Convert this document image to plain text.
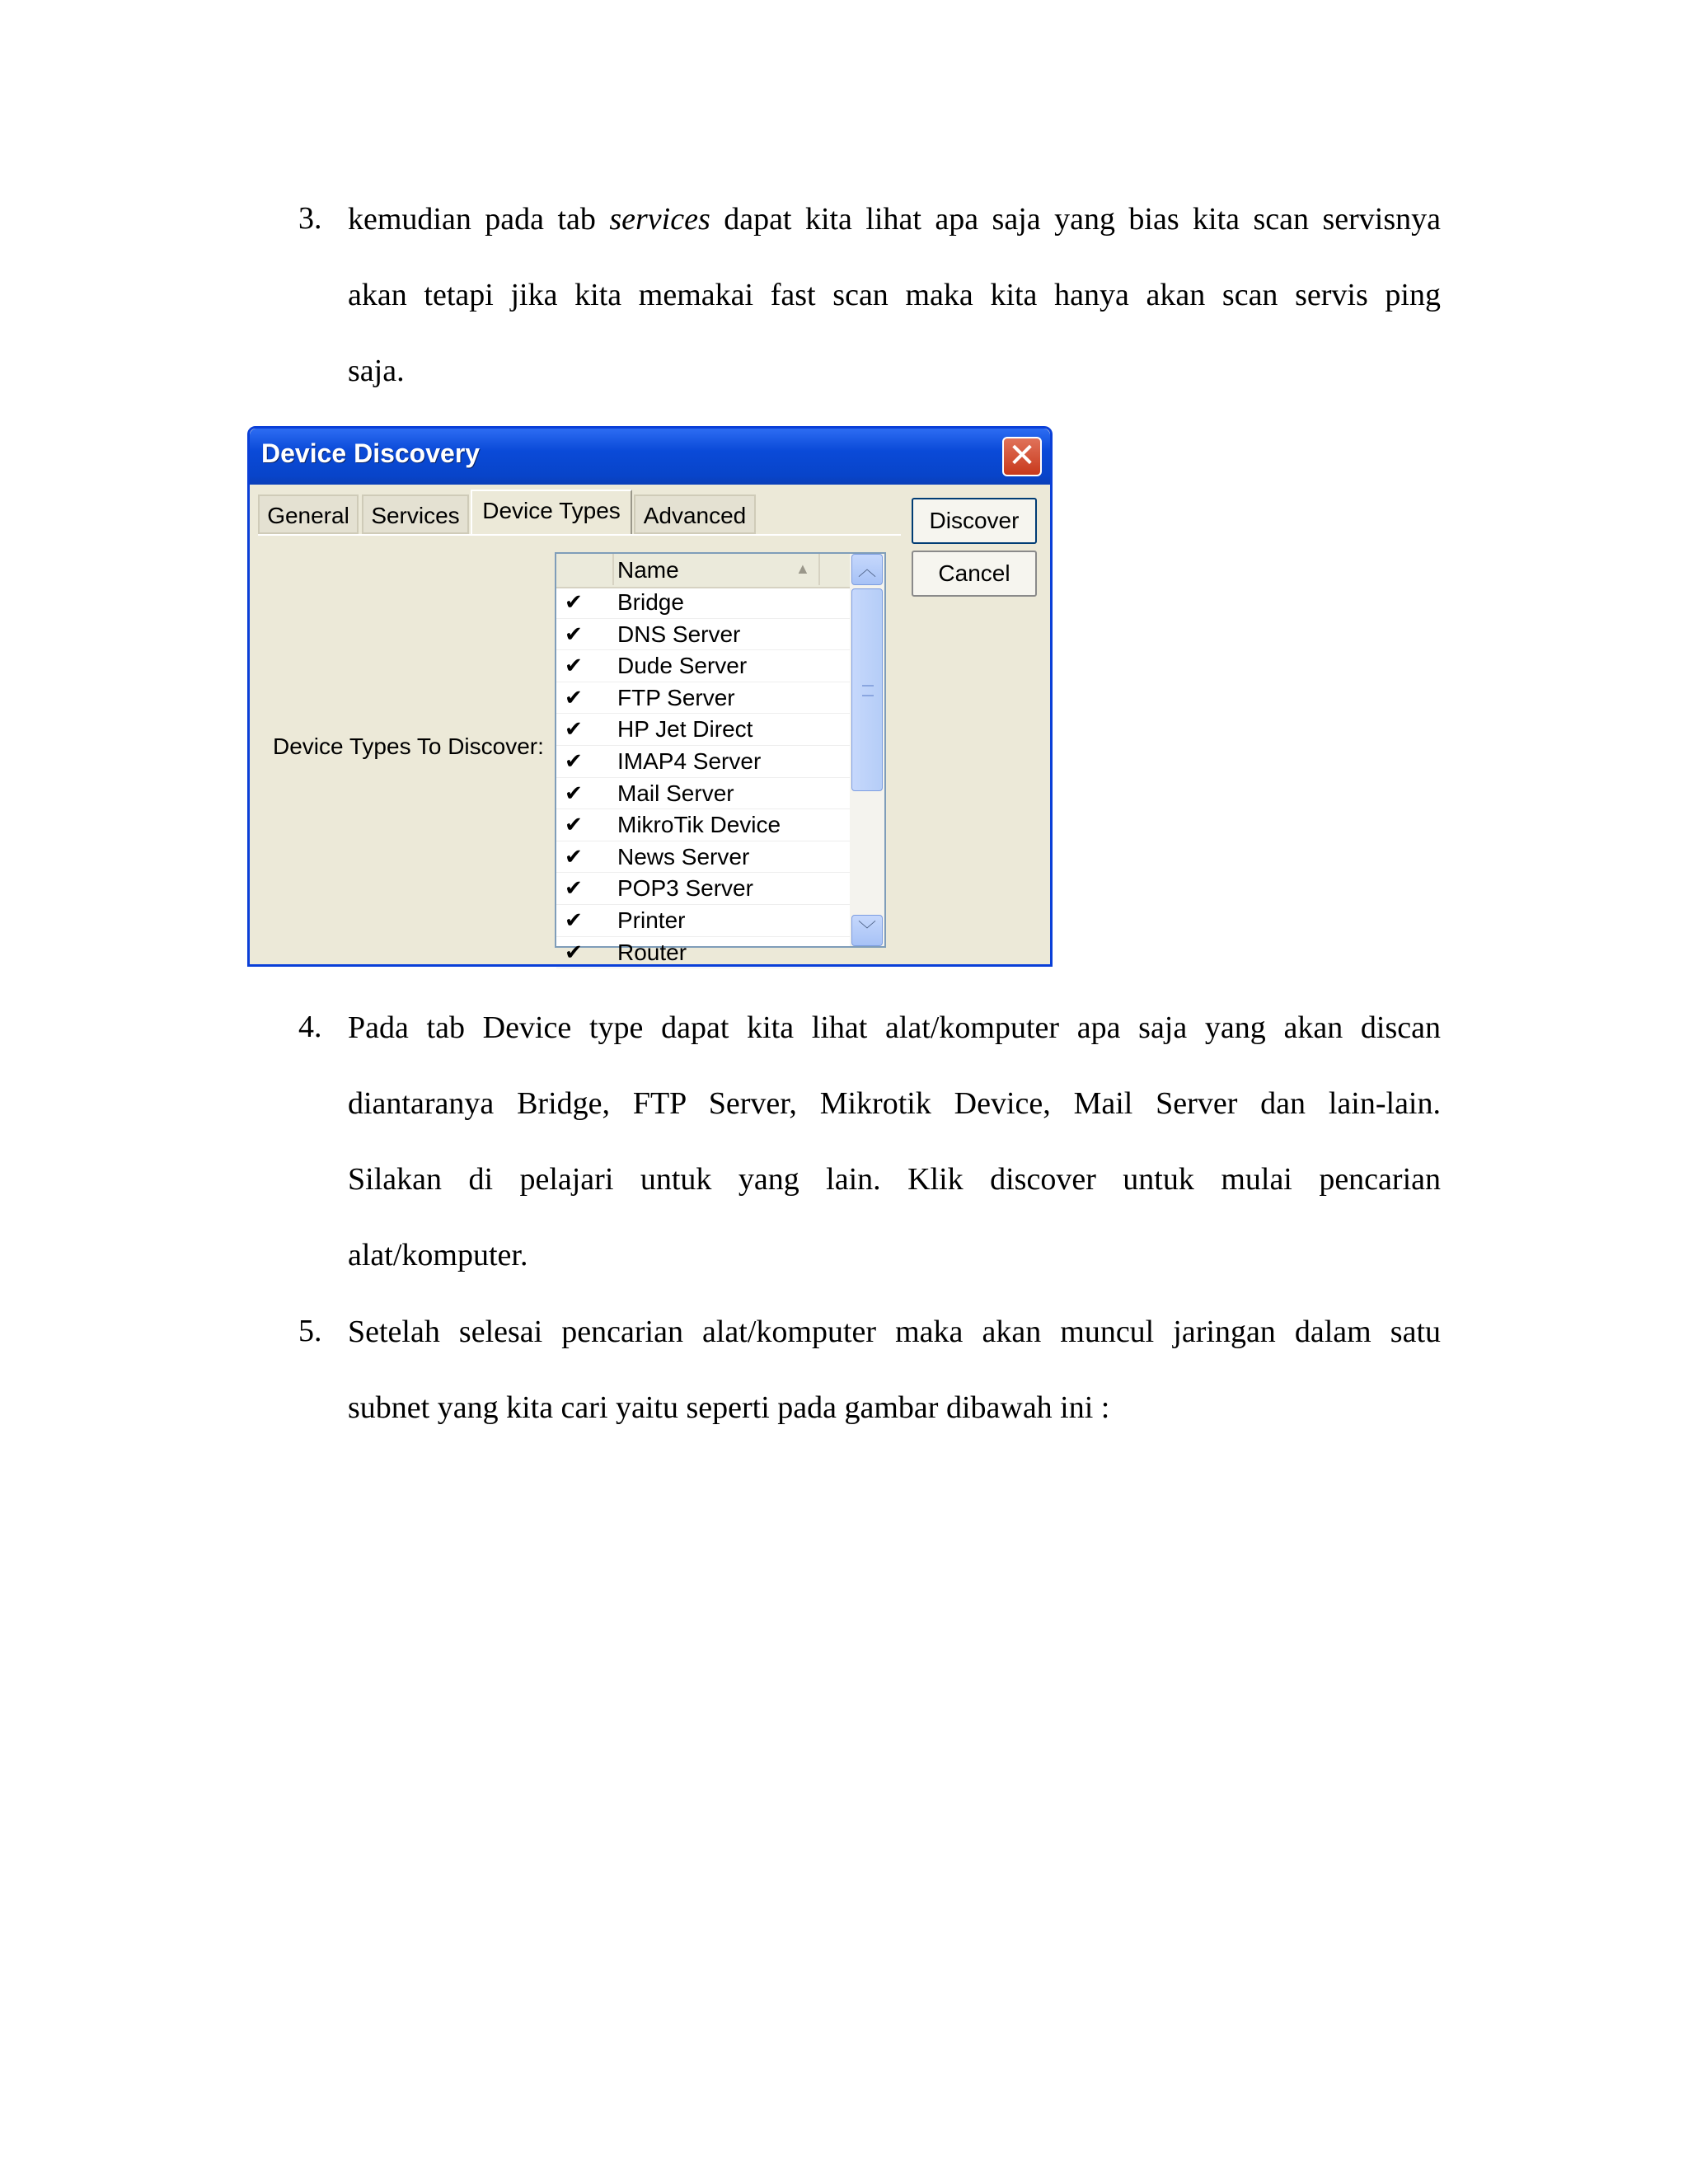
3. kemudian pada tab services dapat kita lihat apa saja yang bias kita scan servisnya
akan tetapi jika kita memakai fast scan maka kita hanya akan scan servis ping
saja.
Device Discovery	✕
General Services Device Types Advanced
Device Types To Discover:
Name	▲
✔ Bridge
✔ DNS Server
✔ Dude Server
✔ FTP Server
✔ HP Jet Direct
✔ IMAP4 Server
✔ Mail Server
✔ MikroTik Device
✔ News Server
✔ POP3 Server
✔ Printer
✔ Router
︿
﹀
Discover
Cancel
4. Pada tab Device type dapat kita lihat alat/komputer apa saja yang akan discan
diantaranya Bridge, FTP Server, Mikrotik Device, Mail Server dan lain-lain.
Silakan di pelajari untuk yang lain. Klik discover untuk mulai pencarian
alat/komputer.
5. Setelah selesai pencarian alat/komputer maka akan muncul jaringan dalam satu
subnet yang kita cari yaitu seperti pada gambar dibawah ini :
